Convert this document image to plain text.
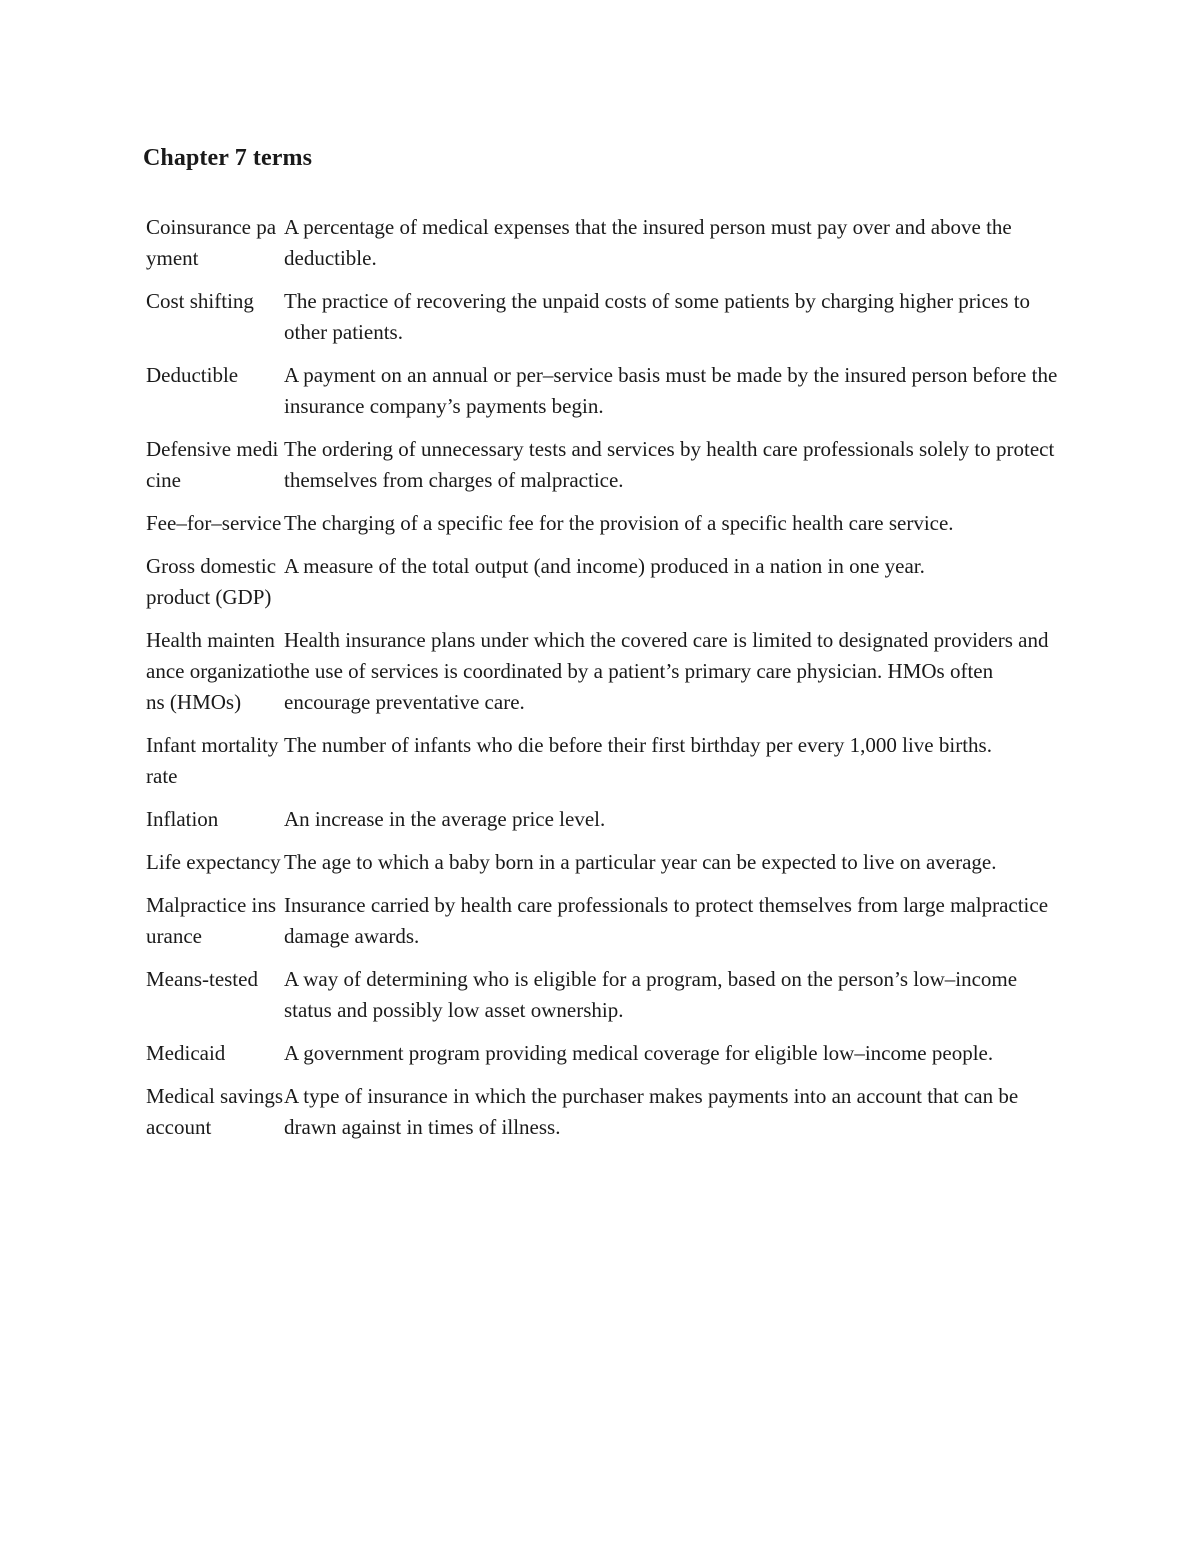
Chapter 7 terms
Coinsurance payment	A percentage of medical expenses that the insured person must pay over and above the deductible.
Cost shifting	The practice of recovering the unpaid costs of some patients by charging higher prices to other patients.
Deductible	A payment on an annual or per–service basis must be made by the insured person before the insurance company’s payments begin.
Defensive medicine	The ordering of unnecessary tests and services by health care professionals solely to protect themselves from charges of malpractice.
Fee–for–service	The charging of a specific fee for the provision of a specific health care service.
Gross domestic product (GDP)	A measure of the total output (and income) produced in a nation in one year.
Health maintenance organizations (HMOs)	Health insurance plans under which the covered care is limited to designated providers and the use of services is coordinated by a patient’s primary care physician. HMOs often encourage preventative care.
Infant mortality rate	The number of infants who die before their first birthday per every 1,000 live births.
Inflation	An increase in the average price level.
Life expectancy	The age to which a baby born in a particular year can be expected to live on average.
Malpractice insurance	Insurance carried by health care professionals to protect themselves from large malpractice damage awards.
Means-tested	A way of determining who is eligible for a program, based on the person’s low–income status and possibly low asset ownership.
Medicaid	A government program providing medical coverage for eligible low–income people.
Medical savings account	A type of insurance in which the purchaser makes payments into an account that can be drawn against in times of illness.
